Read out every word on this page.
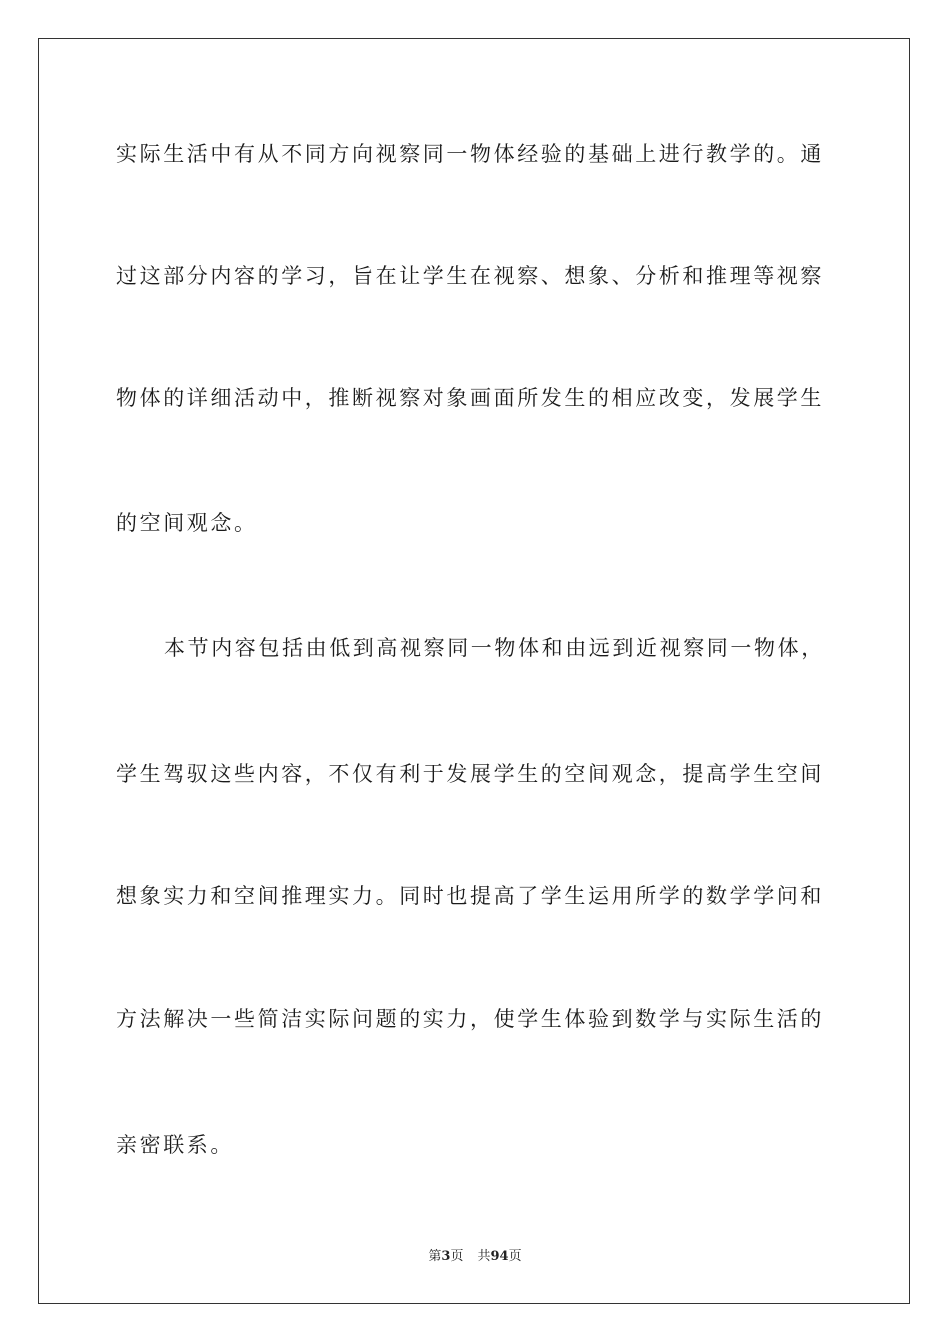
实际生活中有从不同方向视察同一物体经验的基础上进行教学的。通
过这部分内容的学习，旨在让学生在视察、想象、分析和推理等视察
物体的详细活动中，推断视察对象画面所发生的相应改变，发展学生
的空间观念。
本节内容包括由低到高视察同一物体和由远到近视察同一物体，
学生驾驭这些内容，不仅有利于发展学生的空间观念，提高学生空间
想象实力和空间推理实力。同时也提高了学生运用所学的数学学问和
方法解决一些简洁实际问题的实力，使学生体验到数学与实际生活的
亲密联系。
第3页 共94页
